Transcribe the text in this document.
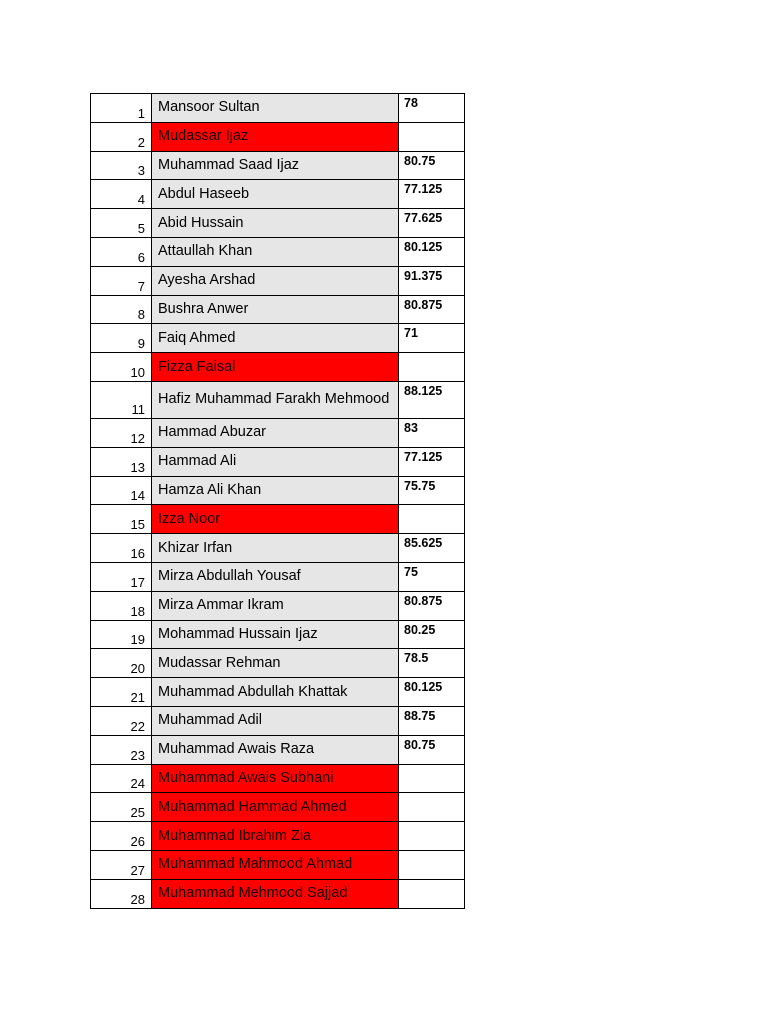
1	Mansoor Sultan	78

2	Mudassar Ijaz	

3	Muhammad Saad Ijaz	80.75

4	Abdul Haseeb	77.125

5	Abid Hussain	77.625

6	Attaullah Khan	80.125

7	Ayesha Arshad	91.375

8	Bushra Anwer	80.875

9	Faiq Ahmed	71

10	Fizza Faisal	

11	Hafiz Muhammad Farakh Mehmood	88.125

12	Hammad Abuzar	83

13	Hammad Ali	77.125

14	Hamza Ali Khan	75.75

15	Izza Noor	

16	Khizar Irfan	85.625

17	Mirza Abdullah Yousaf	75

18	Mirza Ammar Ikram	80.875

19	Mohammad Hussain Ijaz	80.25

20	Mudassar Rehman	78.5

21	Muhammad Abdullah Khattak	80.125

22	Muhammad Adil	88.75

23	Muhammad Awais Raza	80.75

24	Muhammad Awais Subhani	

25	Muhammad Hammad Ahmed	

26	Muhammad Ibrahim Zia	

27	Muhammad Mahmood Ahmad	

28	Muhammad Mehmood Sajjad	
